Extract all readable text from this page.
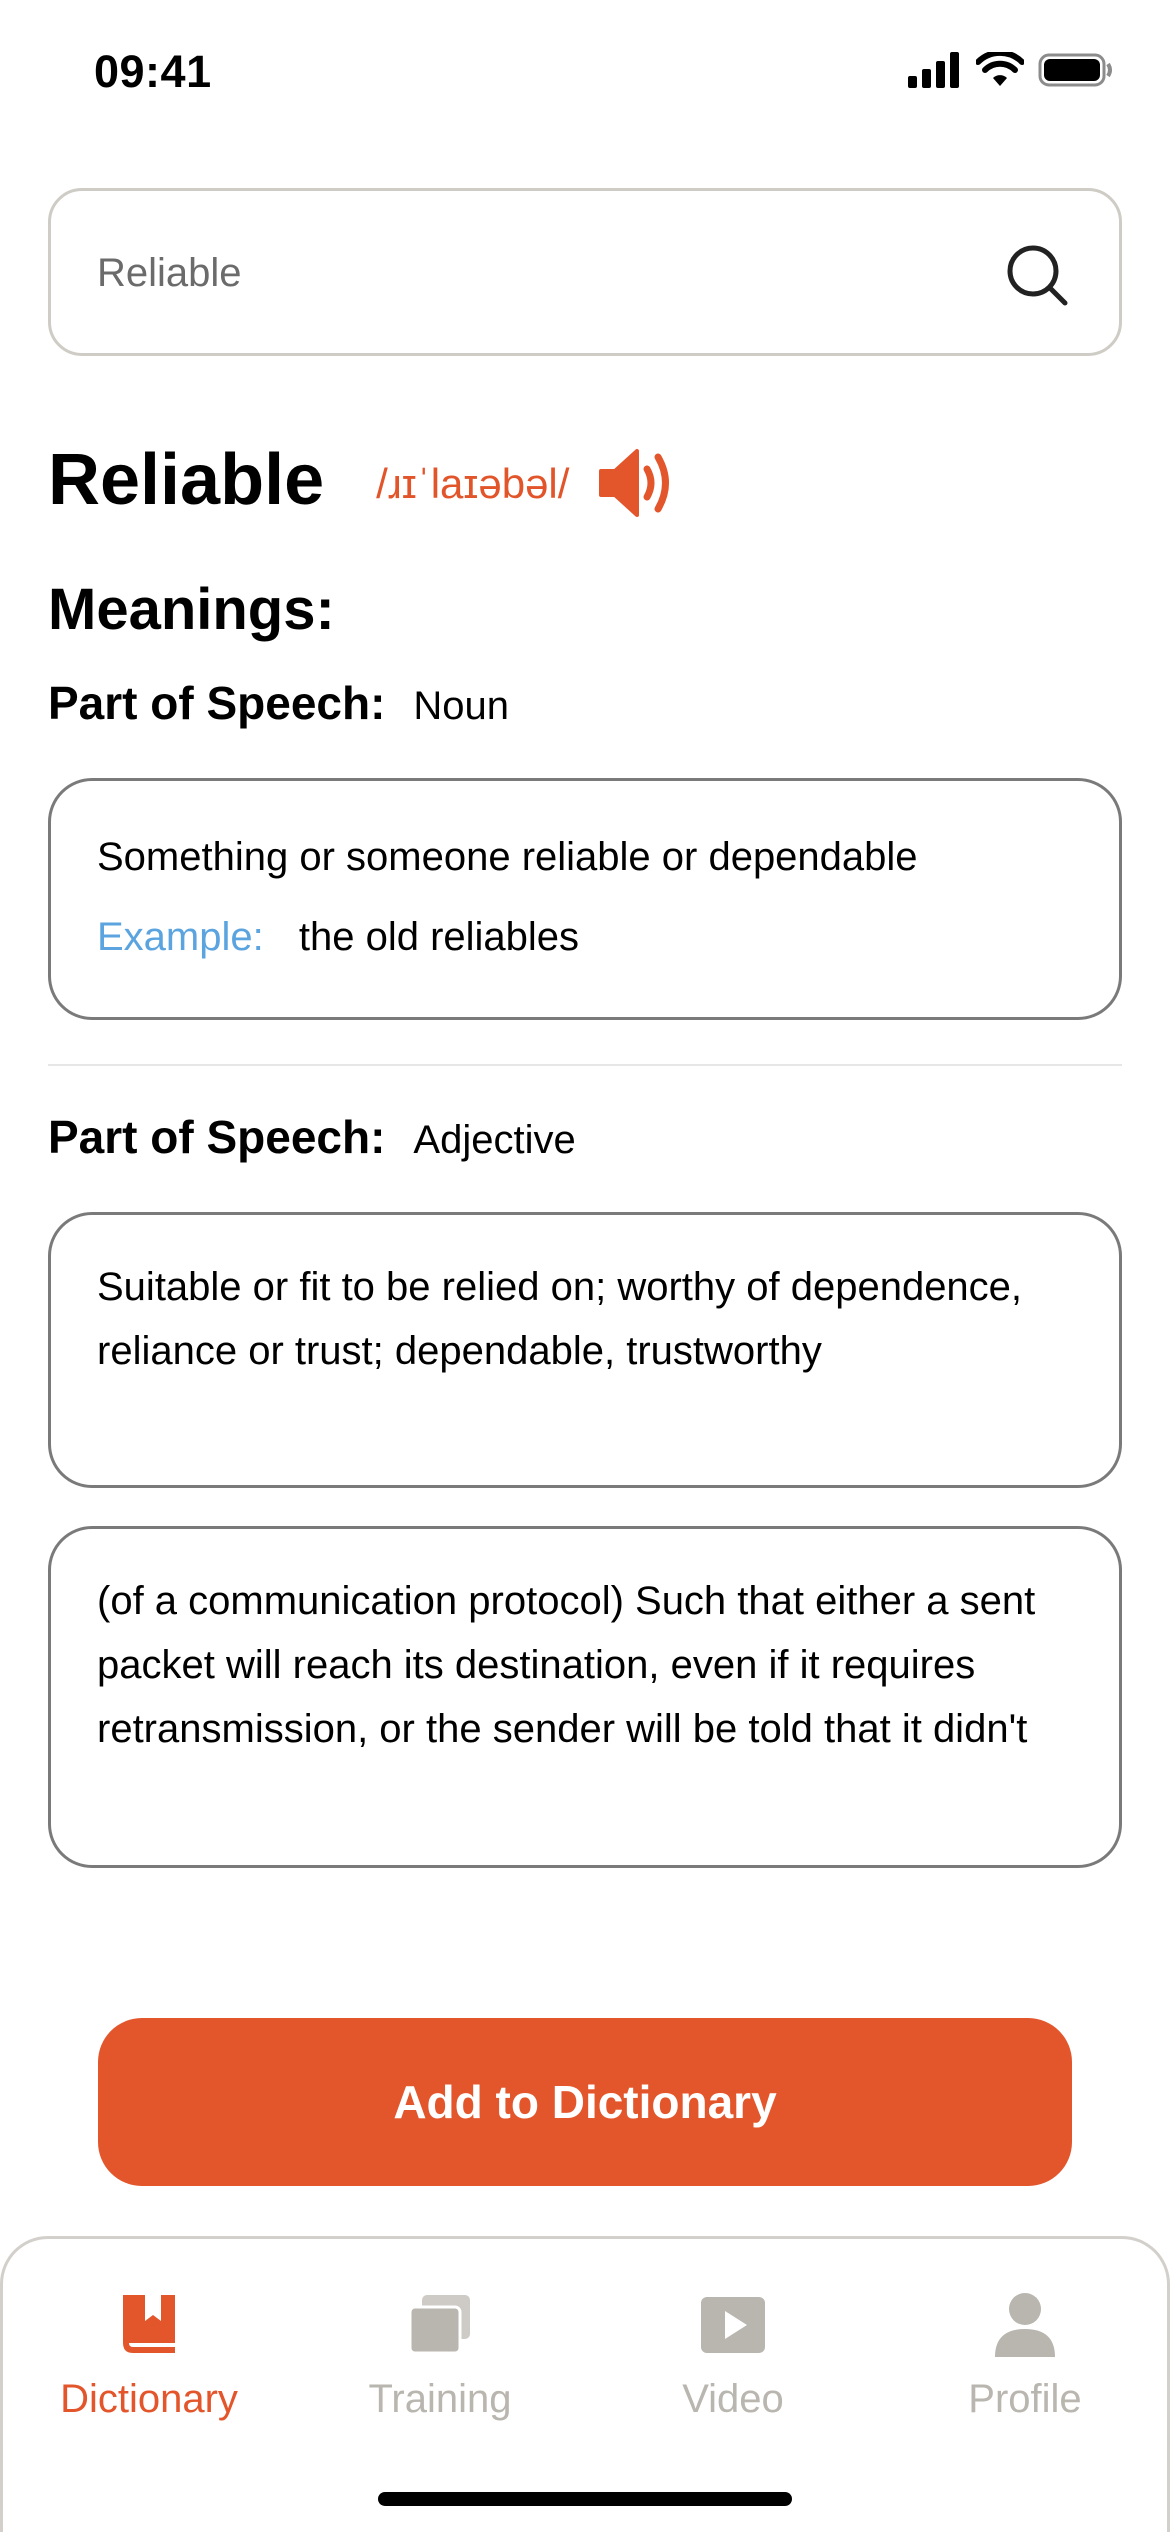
09:41
Reliable
Reliable /ɹɪˈlaɪəbəl/
Meanings:
Part of Speech: Noun
Something or someone reliable or dependable
Example: the old reliables
Part of Speech: Adjective
Suitable or fit to be relied on; worthy of dependence, reliance or trust; dependable, trustworthy
(of a communication protocol) Such that either a sent packet will reach its destination, even if it requires retransmission, or the sender will be told that it didn't
Add to Dictionary
Dictionary	Training	Video	Profile
